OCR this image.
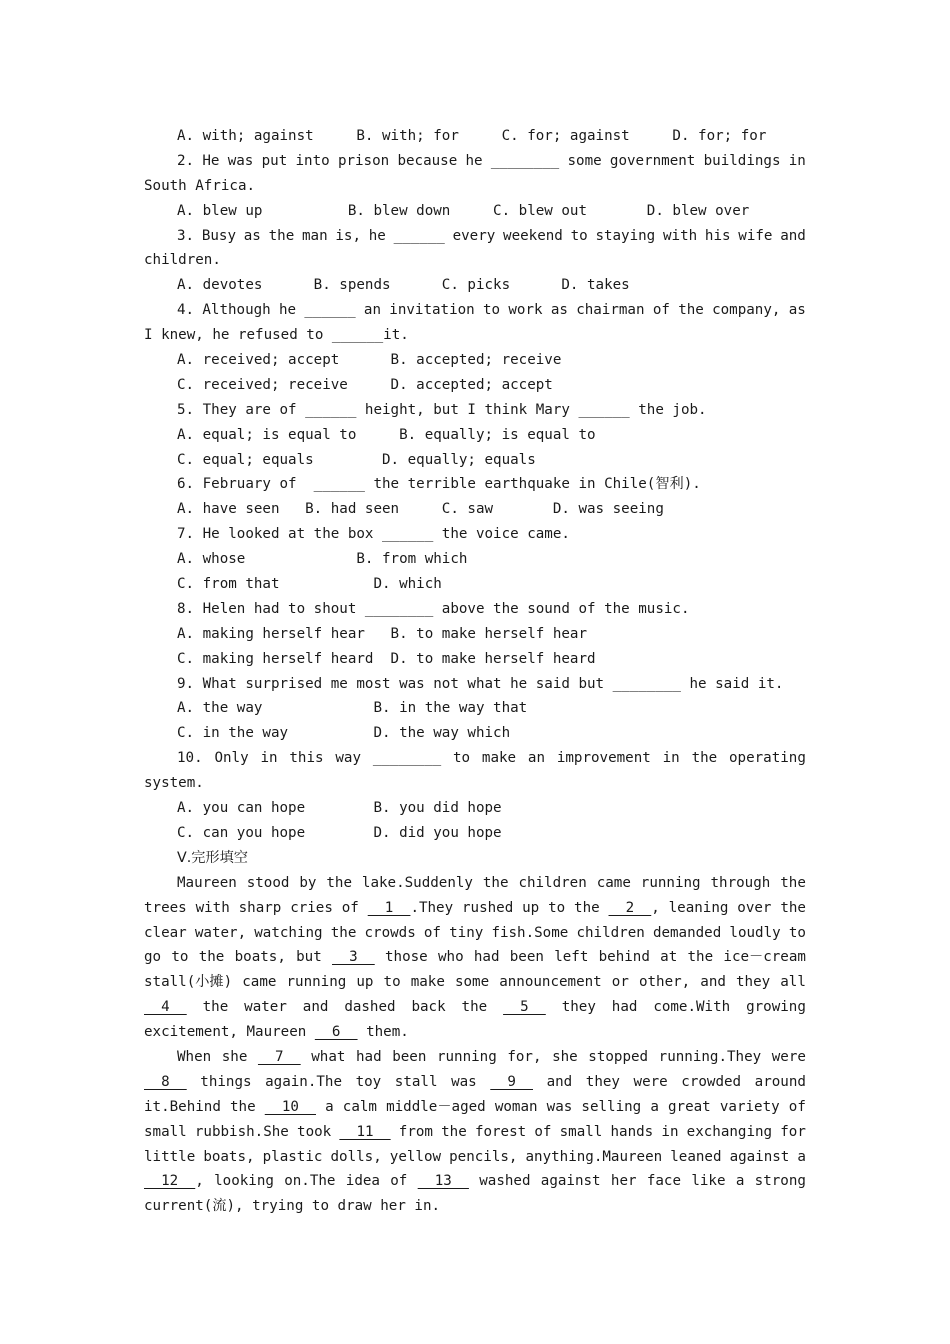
A. with; against     B. with; for     C. for; against     D. for; for
2. He was put into prison because he ________ some government buildings in
South Africa.
A. blew up          B. blew down     C. blew out       D. blew over
3. Busy as the man is, he ______ every weekend to staying with his wife and
children.
A. devotes      B. spends      C. picks      D. takes
4. Although he ______ an invitation to work as chairman of the company, as
I knew, he refused to ______it.
A. received; accept      B. accepted; receive
C. received; receive     D. accepted; accept
5. They are of ______ height, but I think Mary ______ the job.
A. equal; is equal to     B. equally; is equal to
C. equal; equals        D. equally; equals
6. February of  ______ the terrible earthquake in Chile(智利).
A. have seen   B. had seen     C. saw       D. was seeing
7. He looked at the box ______ the voice came.
A. whose             B. from which
C. from that           D. which
8. Helen had to shout ________ above the sound of the music.
A. making herself hear   B. to make herself hear
C. making herself heard  D. to make herself heard
9. What surprised me most was not what he said but ________ he said it.
A. the way             B. in the way that
C. in the way          D. the way which
10. Only in this way ________ to make an improvement in the operating
system.
A. you can hope        B. you did hope
C. can you hope        D. did you hope
Ⅴ.完形填空
Maureen stood by the lake.Suddenly the children came running through the
trees with sharp cries of 1  .They rushed up to the 2  , leaning over the
clear water, watching the crowds of tiny fish.Some children demanded loudly to
go to the boats, but 3 those who had been left behind at the ice－cream
stall(小摊) came running up to make some announcement or other, and they all
4 the water and dashed back the 5 they had come.With growing
excitement, Maureen   6   them.
When she 7 what had been running for, she stopped running.They were
8 things again.The toy stall was 9 and they were crowded around
it.Behind the 10 a calm middle－aged woman was selling a great variety of
small rubbish.She took 11 from the forest of small hands in exchanging for
little boats, plastic dolls, yellow pencils, anything.Maureen leaned against a
12  , looking on.The idea of 13 washed against her face like a strong
current(流), trying to draw her in.
